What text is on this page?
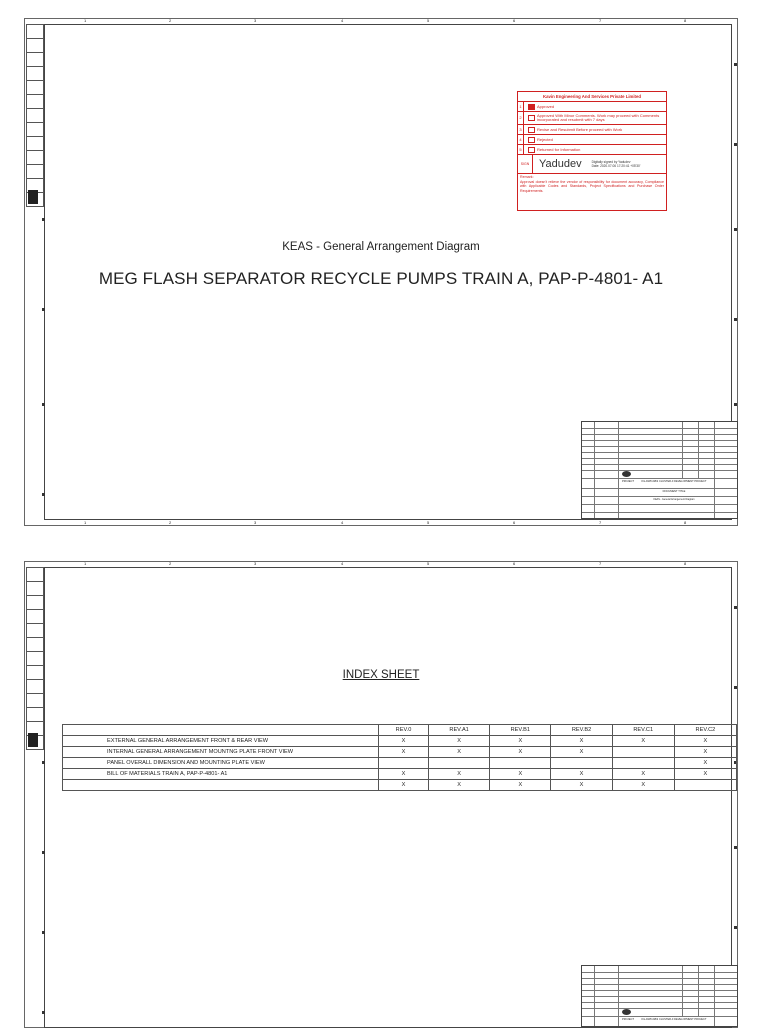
1	2	3	4	5	6	7	8
1	2	3	4	5	6	7	8
Kavin Engineering And Services Private Limited
1	Approved
2	Approved With Minor Comments. Work may proceed with Comments incorporated and resubmit with 7 days
3	Revise and Resubmit Before proceed with Work
4	Rejected
5	Returned for Information
SIGN Yadudev	Digitally signed by Yadudev
Date: 2020.07.06 17:20:41 +05'30'
Remark:
Approval doesn't relieve the vendor of responsibility for document accuracy, Compliance with Applicable Codes and Standards, Project Specifications and Purchase Order Requirements.
KEAS - General Arrangement Diagram
MEG FLASH SEPARATOR RECYCLE PUMPS TRAIN A, PAP-P-4801- A1
PROJECT	KG-DWN-98/2 CLUSTER-II DEVELOPMENT PROJECT
DOCUMENT TITLE
KEAS - General Arrangement Diagram
1	2	3	4	5	6	7	8
INDEX SHEET
	REV.0	REV.A1	REV.B1	REV.B2	REV.C1	REV.C2
EXTERNAL GENERAL ARRANGEMENT FRONT & REAR VIEW	X	X	X	X	X	X
INTERNAL GENERAL ARRANGEMENT MOUNTNG PLATE FRONT VIEW	X	X	X	X		X
PANEL OVERALL DIMENSION AND MOUNTING PLATE VIEW						X
BILL OF MATERIALS TRAIN A, PAP-P-4801- A1	X	X	X	X	X	X
	X	X	X	X	X	
PROJECT	KG-DWN-98/2 CLUSTER-II DEVELOPMENT PROJECT
